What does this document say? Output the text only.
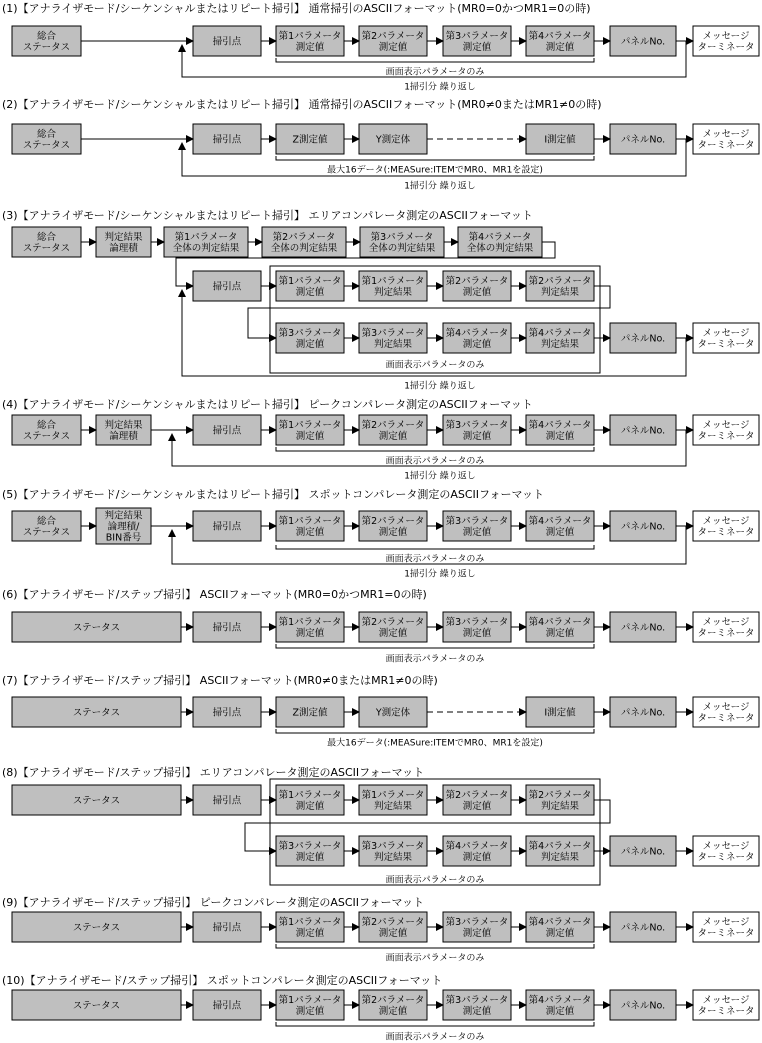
(1)【アナライザモード/シーケンシャルまたはリピート掃引】 通常掃引のASCIIフォーマット(MR0=0かつMR1=0の時)
総合ステータス	掃引点	第1パラメータ測定値
第2パラメータ測定値
第3パラメータ測定値
第4パラメータ測定値	パネルNo.	メッセージターミネータ
画面表示パラメータのみ
1掃引分 繰り返し
(2)【アナライザモード/シーケンシャルまたはリピート掃引】 通常掃引のASCIIフォーマット(MR0≠0またはMR1≠0の時)
総合ステータス	掃引点	Z測定値	Y測定体	I測定値	パネルNo.	メッセージターミネータ
最大16データ(:MEASure:ITEMでMR0、MR1を設定)
1掃引分 繰り返し
(3)【アナライザモード/シーケンシャルまたはリピート掃引】 エリアコンパレータ測定のASCIIフォーマット
総合ステータス
判定結果論理積
第1パラメータ全体の判定結果
第2パラメータ全体の判定結果
第3パラメータ全体の判定結果
第4パラメータ全体の判定結果
掃引点	第1パラメータ測定値
第1パラメータ判定結果
第2パラメータ測定値
第2パラメータ判定結果
第3パラメータ測定値
第3パラメータ判定結果
第4パラメータ測定値
第4パラメータ判定結果	パネルNo.	メッセージターミネータ
画面表示パラメータのみ
1掃引分 繰り返し
(4)【アナライザモード/シーケンシャルまたはリピート掃引】 ピークコンパレータ測定のASCIIフォーマット
総合ステータス
判定結果論理積	掃引点	第1パラメータ測定値
第2パラメータ測定値
第3パラメータ測定値
第4パラメータ測定値	パネルNo.	メッセージターミネータ
画面表示パラメータのみ
1掃引分 繰り返し
(5)【アナライザモード/シーケンシャルまたはリピート掃引】 スポットコンパレータ測定のASCIIフォーマット
総合ステータス
判定結果論理積/ BIN番号
掃引点	第1パラメータ測定値
第2パラメータ測定値
第3パラメータ測定値
第4パラメータ測定値	パネルNo.	メッセージターミネータ
画面表示パラメータのみ
1掃引分 繰り返し
(6)【アナライザモード/ステップ掃引】 ASCIIフォーマット(MR0=0かつMR1=0の時)
ステータス	掃引点	第1パラメータ測定値
第2パラメータ測定値
第3パラメータ測定値
第4パラメータ測定値	パネルNo.	メッセージターミネータ
画面表示パラメータのみ
(7)【アナライザモード/ステップ掃引】 ASCIIフォーマット(MR0≠0またはMR1≠0の時)
ステータス	掃引点	Z測定値	Y測定体	I測定値	パネルNo.	メッセージターミネータ
最大16データ(:MEASure:ITEMでMR0、MR1を設定)
(8)【アナライザモード/ステップ掃引】 エリアコンパレータ測定のASCIIフォーマット
ステータス	掃引点	第1パラメータ測定値
第1パラメータ判定結果
第2パラメータ測定値
第2パラメータ判定結果
第3パラメータ測定値
第3パラメータ判定結果
第4パラメータ測定値
第4パラメータ判定結果	パネルNo.	メッセージターミネータ
画面表示パラメータのみ
(9)【アナライザモード/ステップ掃引】 ピークコンパレータ測定のASCIIフォーマット
ステータス	掃引点	第1パラメータ測定値
第2パラメータ測定値
第3パラメータ測定値
第4パラメータ測定値	パネルNo.	メッセージターミネータ
画面表示パラメータのみ
(10)【アナライザモード/ステップ掃引】 スポットコンパレータ測定のASCIIフォーマット
ステータス	掃引点	第1パラメータ測定値
第2パラメータ測定値
第3パラメータ測定値
第4パラメータ測定値	パネルNo.	メッセージターミネータ
画面表示パラメータのみ
